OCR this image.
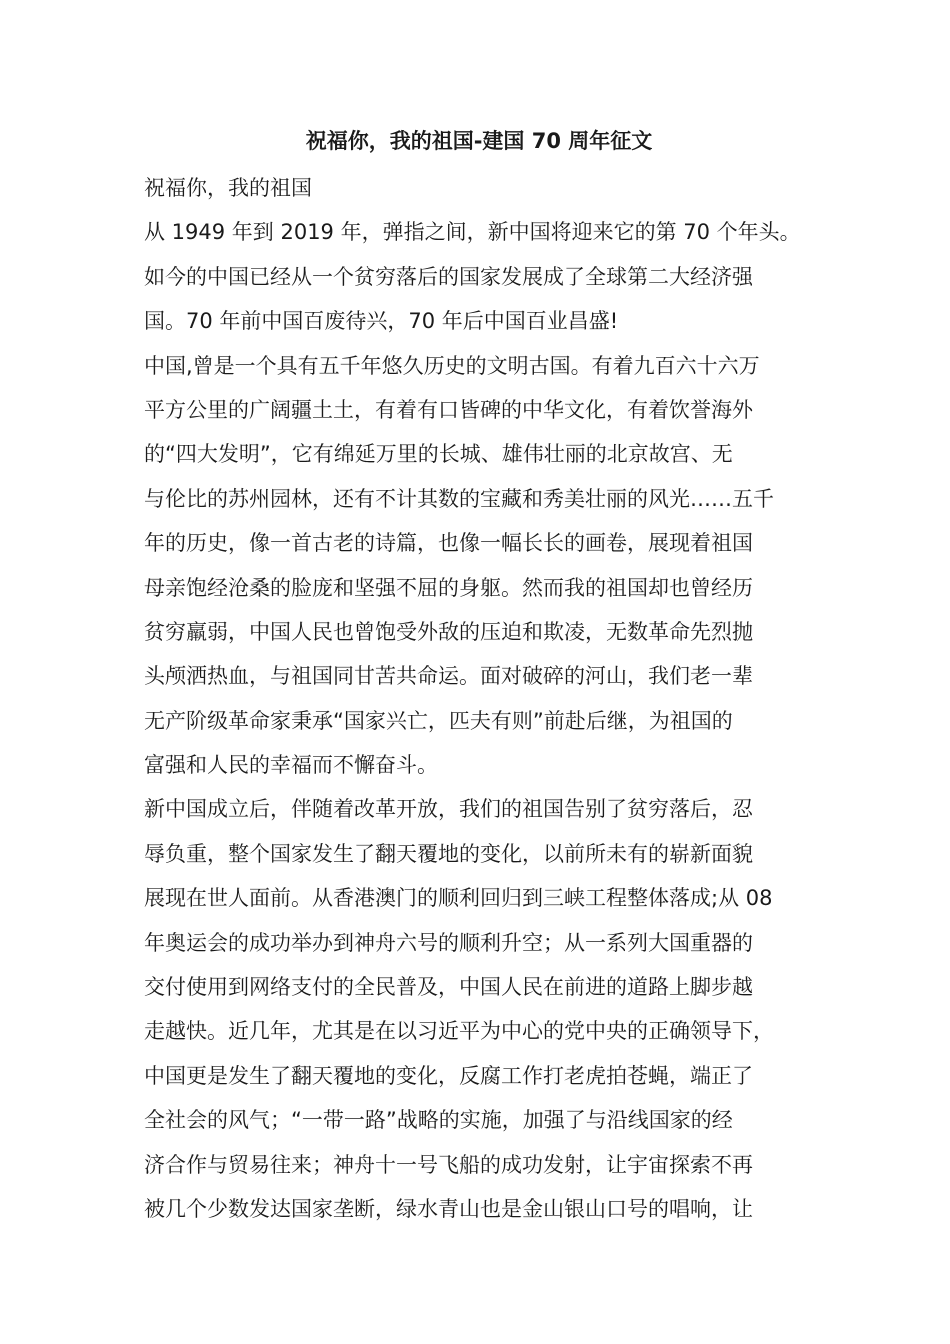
祝福你，我的祖国-建国 70 周年征文
祝福你，我的祖国
从 1949 年到 2019 年，弹指之间，新中国将迎来它的第 70 个年头。
如今的中国已经从一个贫穷落后的国家发展成了全球第二大经济强
国。70 年前中国百废待兴，70 年后中国百业昌盛!
中国,曾是一个具有五千年悠久历史的文明古国。有着九百六十六万
平方公里的广阔疆土土，有着有口皆碑的中华文化，有着饮誉海外
的“四大发明”，它有绵延万里的长城、雄伟壮丽的北京故宫、无
与伦比的苏州园林，还有不计其数的宝藏和秀美壮丽的风光……五千
年的历史，像一首古老的诗篇，也像一幅长长的画卷，展现着祖国
母亲饱经沧桑的脸庞和坚强不屈的身躯。然而我的祖国却也曾经历
贫穷羸弱，中国人民也曾饱受外敌的压迫和欺凌，无数革命先烈抛
头颅洒热血，与祖国同甘苦共命运。面对破碎的河山，我们老一辈
无产阶级革命家秉承“国家兴亡，匹夫有则”前赴后继，为祖国的
富强和人民的幸福而不懈奋斗。
新中国成立后，伴随着改革开放，我们的祖国告别了贫穷落后，忍
辱负重，整个国家发生了翻天覆地的变化，以前所未有的崭新面貌
展现在世人面前。从香港澳门的顺利回归到三峡工程整体落成;从 08
年奥运会的成功举办到神舟六号的顺利升空；从一系列大国重器的
交付使用到网络支付的全民普及，中国人民在前进的道路上脚步越
走越快。近几年，尤其是在以习近平为中心的党中央的正确领导下，
中国更是发生了翻天覆地的变化，反腐工作打老虎拍苍蝇，端正了
全社会的风气；“一带一路”战略的实施，加强了与沿线国家的经
济合作与贸易往来；神舟十一号飞船的成功发射，让宇宙探索不再
被几个少数发达国家垄断，绿水青山也是金山银山口号的唱响，让
